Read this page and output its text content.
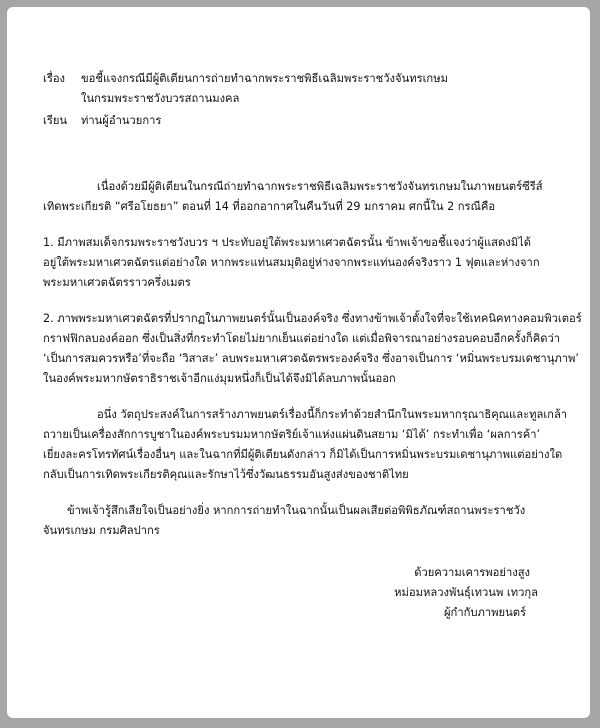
เรื่อง	ขอชี้แจงกรณีมีผู้ติเตียนการถ่ายทำฉากพระราชพิธีเฉลิมพระราชวังจันทรเกษม
ในกรมพระราชวังบวรสถานมงคล
เรียน	ท่านผู้อำนวยการ
เนื่องด้วยมีผู้ติเตียนในกรณีถ่ายทำฉากพระราชพิธีเฉลิมพระราชวังจันทรเกษมในภาพยนตร์ซีรีส์
เทิดพระเกียรติ “ศรีอโยธยา” ตอนที่ 14 ที่ออกอากาศในคืนวันที่ 29 มกราคม ศกนี้ใน 2 กรณีคือ
1. มีภาพสมเด็จกรมพระราชวังบวร ฯ ประทับอยู่ใต้พระมหาเศวตฉัตรนั้น ข้าพเจ้าขอชี้แจงว่าผู้แสดงมิได้
อยู่ใต้พระมหาเศวตฉัตรแต่อย่างใด หากพระแท่นสมมุติอยู่ห่างจากพระแท่นองค์จริงราว 1 ฟุตและห่างจาก
พระมหาเศวตฉัตรราวครึ่งเมตร
2. ภาพพระมหาเศวตฉัตรที่ปรากฏในภาพยนตร์นั้นเป็นองค์จริง ซึ่งทางข้าพเจ้าตั้งใจที่จะใช้เทคนิคทางคอมพิวเตอร์
กราฟฟิกลบองค์ออก ซึ่งเป็นสิ่งที่กระทำโดยไม่ยากเย็นแต่อย่างใด แต่เมื่อพิจารณาอย่างรอบคอบอีกครั้งก็คิดว่า
‘เป็นการสมควรหรือ’ที่จะถือ ‘วิสาสะ’ ลบพระมหาเศวตฉัตรพระองค์จริง ซึ่งอาจเป็นการ ‘หมิ่นพระบรมเดชานุภาพ’
ในองค์พระมหากษัตราธิราชเจ้าอีกแง่มุมหนึ่งก็เป็นได้จึงมิได้ลบภาพนั้นออก
อนึ่ง วัตถุประสงค์ในการสร้างภาพยนตร์เรื่องนี้ก็กระทำด้วยสำนึกในพระมหากรุณาธิคุณและทูลเกล้า
ถวายเป็นเครื่องสักการบูชาในองค์พระบรมมหากษัตริย์เจ้าแห่งแผ่นดินสยาม ‘มิได้’ กระทำเพื่อ ‘ผลการค้า’
เยี่ยงละครโทรทัศน์เรื่องอื่นๆ และในฉากที่มีผู้ติเตียนดังกล่าว ก็มิได้เป็นการหมิ่นพระบรมเดชานุภาพแต่อย่างใด
กลับเป็นการเทิดพระเกียรติคุณและรักษาไว้ซึ่งวัฒนธรรมอันสูงส่งของชาติไทย
ข้าพเจ้ารู้สึกเสียใจเป็นอย่างยิ่ง หากการถ่ายทำในฉากนั้นเป็นผลเสียต่อพิพิธภัณฑ์สถานพระราชวัง
จันทรเกษม กรมศิลปากร
ด้วยความเคารพอย่างสูง
หม่อมหลวงพันธุ์เทวนพ เทวกุล
ผู้กำกับภาพยนตร์
